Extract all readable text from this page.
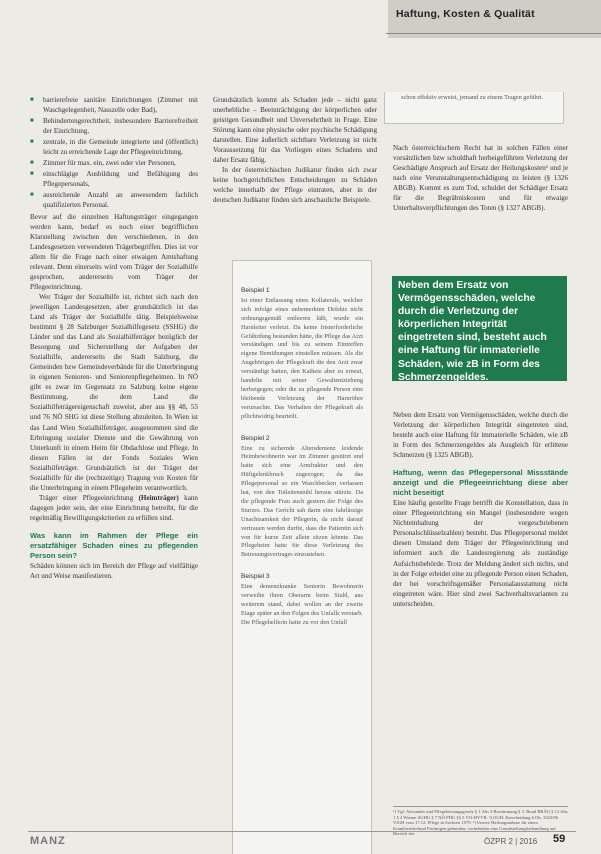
Haftung, Kosten & Qualität
■ barrierefreie sanitäre Einrichtungen (Zimmer mit Waschgelegenheit, Nasszelle oder Bad),
■ Behindertengerechtheit, insbesondere Barrierefreiheit der Einrichtung,
■ zentrale, in die Gemeinde integrierte und (öffentlich) leicht zu erreichende Lage der Pflegeeinrichtung,
■ Zimmer für max. ein, zwei oder vier Personen,
■ einschlägige Ausbildung und Befähigung des Pflegepersonals,
■ ausreichende Anzahl an anwesendem fachlich qualifizierten Personal.

Bevor auf die einzelnen Haftungsträger eingegangen werden kann, bedarf es noch einer begrifflichen Klarstellung zwischen den verschiedenen, in den Landesgesetzen verwendeten Trägerbegriffen. Dies ist vor allem für die Frage nach einer etwaigen Amtshaftung relevant. Denn einerseits wird vom Träger der Sozialhilfe gesprochen, andererseits vom Träger der Pflegeeinrichtung.

Wer Träger der Sozialhilfe ist, richtet sich nach den jeweiligen Landesgesetzen, aber grundsätzlich ist das Land als Träger der Sozialhilfe tätig. Beispielsweise bestimmt § 28 Salzburger Sozialhilfegesetz (SSHG) die Länder und das Land als Sozialhilfeträger bezüglich der Besorgung und Sicherstellung der Aufgaben der Sozialhilfe, andererseits die Stadt Salzburg, die Gemeinden bzw Gemeindeverbände für die Unterbringung in eigenen Senioren- und Seniorenpflegeheimen. In NÖ gibt es zwar im Gegensatz zu Salzburg keine eigene Bestimmung, die dem Land die Sozialhilfeträgereigenschaft zuweist, aber aus §§ 48, 55 und 76 NÖ SHG ist diese Stellung abzuleiten. In Wien ist das Land Wien Sozialhilfeträger, ausgenommen sind die Erbringung sozialer Dienste und die Gewährung von Unterkunft in einem Heim für Obdachlose und Pflege. In diesen Fällen ist der Fonds Soziales Wien Sozialhilfeträger. Grundsätzlich ist der Träger der Sozialhilfe für die (rechtzeitige) Tragung von Kosten für die Unterbringung in einem Pflegeheim verantwortlich.

Träger einer Pflegeeinrichtung (Heimträger) kann dagegen jeder sein, der eine Einrichtung betreibt, für die regelmäßig Bewilligungskriterien zu erfüllen sind.

Was kann im Rahmen der Pflege ein ersatzfähiger Schaden eines zu pflegenden Person sein?

Schäden können sich im Bereich der Pflege auf vielfältige Art und Weise manifestieren.

Grundsätzlich kommt als Schaden jede – nicht ganz unerhebliche – Beeinträchtigung der körperlichen oder geistigen Gesundheit und Unversehrtheit in Frage. Eine Störung kann eine physische oder psychische Schädigung darstellen. Eine äußerlich sichtbare Verletzung ist nicht Voraussetzung für das Vorliegen eines Schadens und daher Ersatz fähig.

In der österreichischen Judikatur finden sich zwar keine hochgerichtlichen Entscheidungen zu Schäden welche innerhalb der Pflege eintraten, aber in der deutschen Judikatur finden sich anschauliche Beispiele.

Beispiel 1
Ist einer Entlassung eines Kollaterals, welcher sich infolge eines unbemerkten Defekts nicht ordnungsgemäß entleeren läßt, wurde ein Harnleiter verletzt. Da keine fristerforderliche Gefährdung bestanden hätte, die Pflege das Arzt verständigen und bis zu seinem Eintreffen eigene Bemühungen einstellen müssen. Als die Angehörigen der Pflegekraft die den Arzt zwar verständigt hatten, den Kathete aber zu erneut, handelte mit seiner Gewaltentziehung herbeigegen; oder die zu pflegende Person eine bleibende Verletzung der Harnröhre verursachte. Das Verhalten der Pflegekraft als pflichtwidrig beurteilt.
Beispiel 2
Eine zu sichernde Altersdemenz leidende Heimbewohnerin war im Zimmer gestürzt und hatte sich eine Armfraktur und den Hüftgelenkbruch zugezogen; da das Pflegepersonal so ein Waschbecken verlassen hat, von den Toilettenstuhl heraus stürzte. Da die pflegende Frau auch gestern der Folge des Sturzes. Das Gericht sah darin eine fahrlässige Unachtsamkeit der Pflegerin, da nicht darauf vertrauen werden durfte, dass die Patientin sich von für kurze Zeit allein sitzen könnte. Das Pflegeheim hatte für diese Verletzung des Betreuungsvertrages einzustehen.
Beispiel 3
Eine demenzkranke Seniorin Bewohnerin verweilte ihren Oberarm beim Stuhl, aus weiterem stand, dabei wollen an der zweite Etage später an den Folgen des Unfalls verstarb. Die Pflegehelferin hatte zu vor den Unfall
schon effektiv erweist, jemand zu einem Tragen geführt.

Nach österreichischem Recht hat in solchen Fällen einer vorsätzlichen bzw schuldhaft herbeigeführten Verletzung der Geschädigte Anspruch auf Ersatz der Heilungskosten¹ und je nach eine Verunstaltungsentschädigung zu leisten (§ 1326 ABGB). Kommt es zum Tod, schuldet der Schädiger Ersatz für die Begräbniskosten und für etwaige Unterhaltsverpflichtungen des Toten (§ 1327 ABGB).

Neben dem Ersatz von Vermögensschäden, welche durch die Verletzung der körperlichen Integrität eingetreten sind, besteht auch eine Haftung für immaterielle Schäden, wie zB in Form des Schmerzengeldes.

Neben dem Ersatz von Vermögensschäden, welche durch die Verletzung der körperlichen Integrität eingetreten sind, besteht auch eine Haftung für immaterielle Schäden, wie zB in Form des Schmerzengeldes als Ausgleich für erlittene Schmerzen (§ 1325 ABGB).

Haftung, wenn das Pflegepersonal Missstände anzeigt und die Pflegeeinrichtung diese aber nicht beseitigt

Eine häufig gestellte Frage betrifft die Konstellation, dass in einer Pflegeeinrichtung ein Mangel (insbesondere wegen Nichteinhaltung der vorgeschriebenen Personalschlüsselzahlen) besteht. Das Pflegepersonal meldet diesen Umstand dem Träger der Pflegeeinrichtung und informiert auch die Landesregierung als zuständige Aufsichtsbehörde. Trotz der Meldung ändert sich nichts, und in der Folge erleidet eine zu pflegende Person einen Schaden, der bei vorschriftsgemäßer Personalausstattung nicht eingetreten wäre. Hier sind zwei Sachverhaltsvarianten zu unterscheiden.

¹) Vgl. Alexander und Pflegeleistungsgesetz § 1 Abs 3 Bestimmung § 3. Bund BRÄG § 12 Abs 1 § 2 Wiener SGHG § 7 NÖ PHG §§ 5 VO-HVVR. ²) OGH: Entscheidung 6 Ob. 1023/06 VfGH vom 17.12. Pflege in Sachsen 1979. ³) Unsere Haftungsnahme für einen Krankheitsbefund Prüfungen gebunden; vorbehalten eine Grundstellungsbehandlung auf Bereich der
MANZ	ÖZPR 2 | 2016 59
